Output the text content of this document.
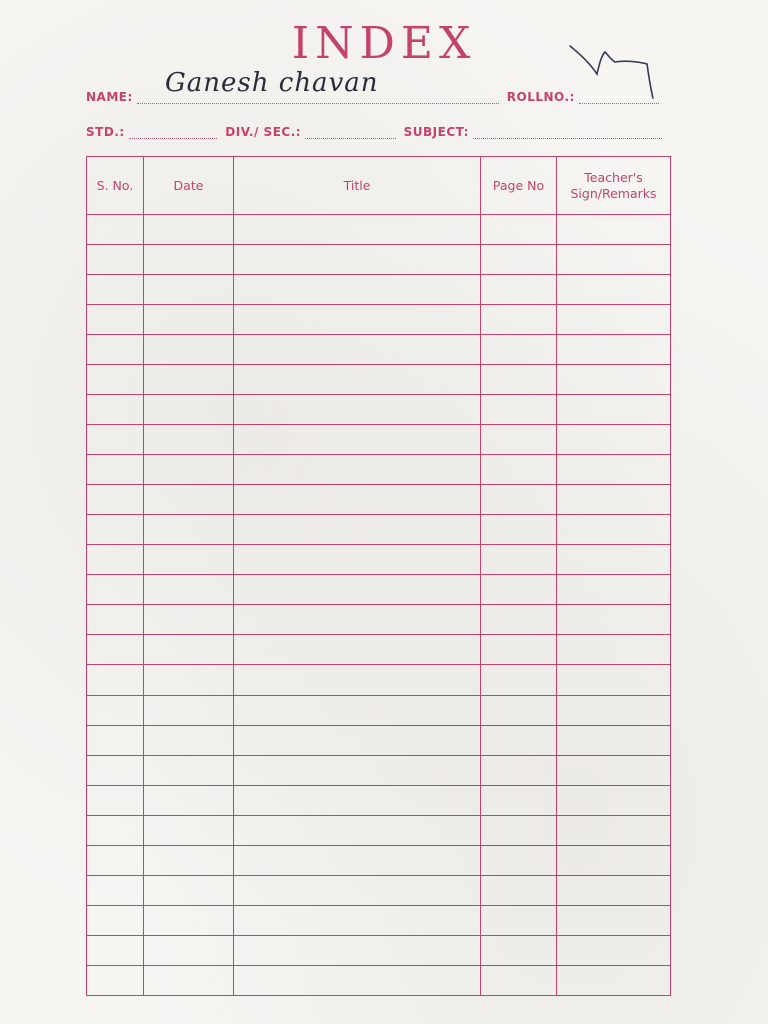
INDEX
NAME:	ROLLNO.:
Ganesh chavan
STD.:	DIV./ SEC.:	SUBJECT:
S. No.	Date	Title	Page No	Teacher's Sign/Remarks
